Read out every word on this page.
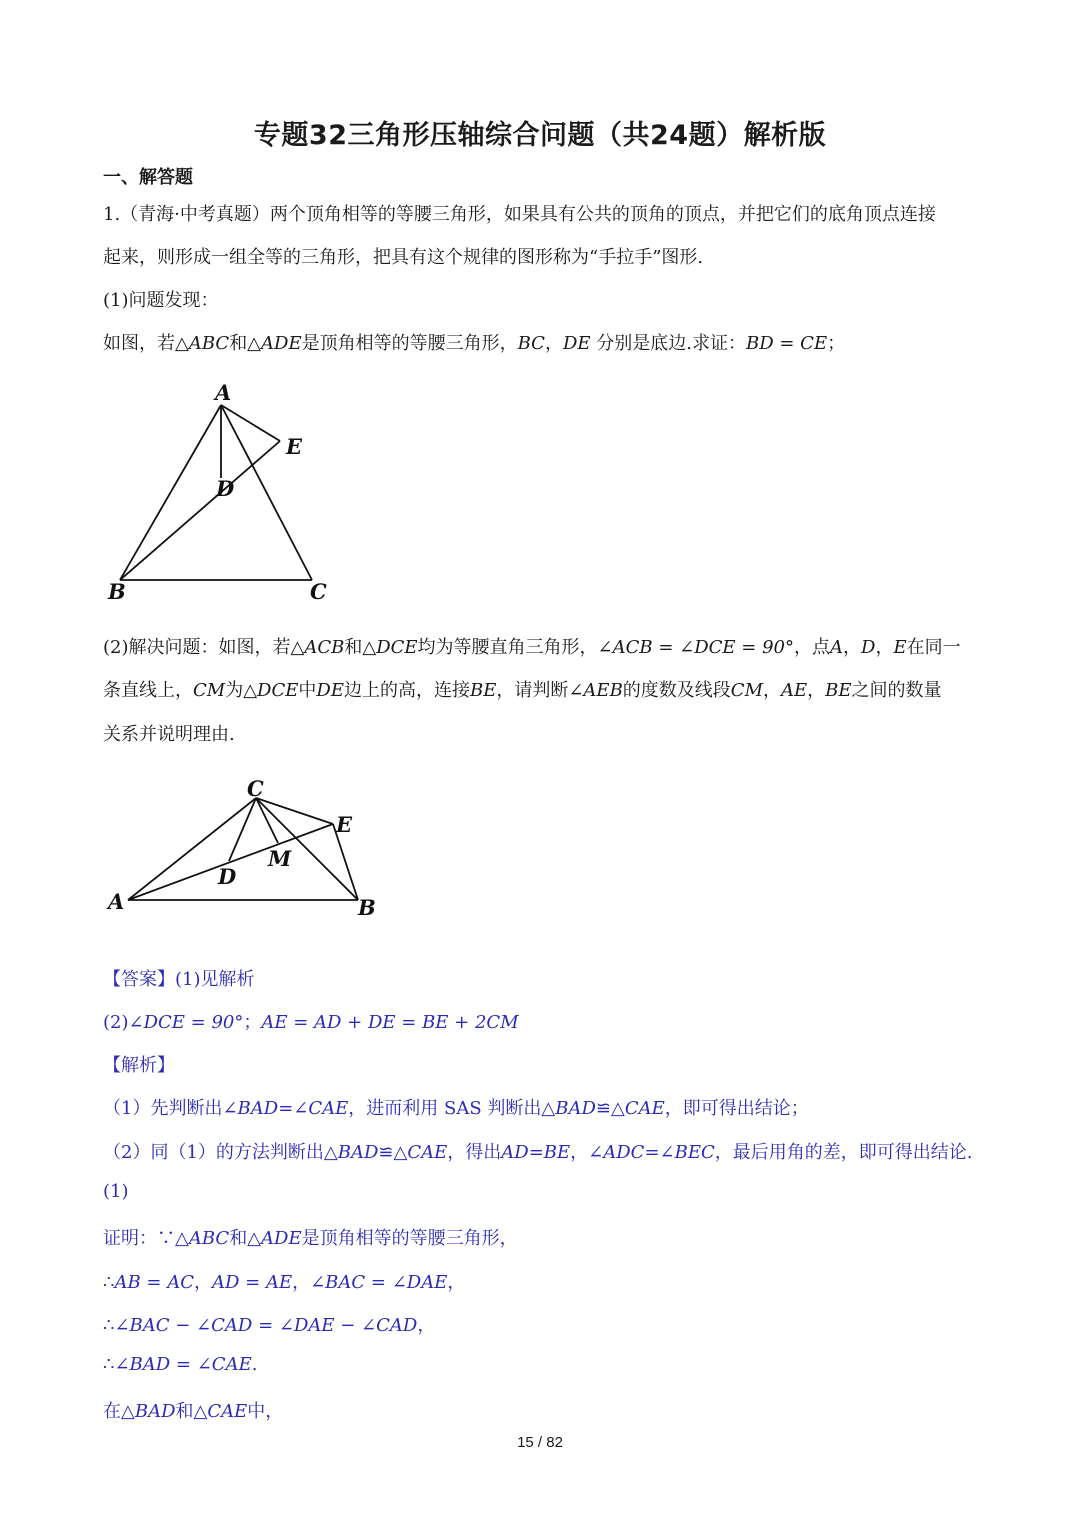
专题32三角形压轴综合问题（共24题）解析版
一、解答题
1.（青海·中考真题）两个顶角相等的等腰三角形，如果具有公共的顶角的顶点，并把它们的底角顶点连接
起来，则形成一组全等的三角形，把具有这个规律的图形称为“手拉手”图形.
(1)问题发现：
如图，若△ABC和△ADE是顶角相等的等腰三角形，BC，DE 分别是底边.求证：BD = CE；
A
E
D
B	C
(2)解决问题：如图，若△ACB和△DCE均为等腰直角三角形，∠ACB = ∠DCE = 90°，点A，D，E在同一
条直线上，CM为△DCE中DE边上的高，连接BE，请判断∠AEB的度数及线段CM，AE，BE之间的数量
关系并说明理由.
C
E
M
D
A	B
【答案】(1)见解析
(2)∠DCE = 90°；AE = AD + DE = BE + 2CM
【解析】
（1）先判断出∠BAD=∠CAE，进而利用 SAS 判断出△BAD≌△CAE，即可得出结论；
（2）同（1）的方法判断出△BAD≌△CAE，得出AD=BE，∠ADC=∠BEC，最后用角的差，即可得出结论.
(1)
证明：∵△ABC和△ADE是顶角相等的等腰三角形，
∴AB = AC，AD = AE，∠BAC = ∠DAE，
∴∠BAC − ∠CAD = ∠DAE − ∠CAD，
∴∠BAD = ∠CAE.
在△BAD和△CAE中，
15 / 82
